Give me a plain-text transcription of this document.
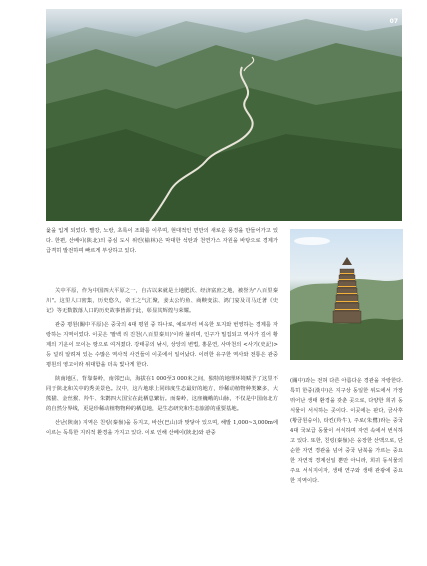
07

윷을 입게 되었다. 빨강, 노랑, 초록이 조화를 이루며, 현대적인 면만의 새로운 풍경을 만들어가고 있다. 한편, 산베이(陕北)의 중심 도시 위린(榆林)은 막대한 석탄과 천연가스 자원을 바탕으로 경제가 급격히 발전하며 빠르게 부상하고 있다.

关中平原，作为中国四大平原之一，自古以来就是土地肥沃、经济富庶之地，被誉为"八百里秦川"。这里人口密集，历史悠久，帝王之气汇聚，姜太公钓鱼、商鞅变法、鸿门宴及司马迁著《史记》等无数散落人口的历史故事皆源于此，彰显其辉煌与荣耀。

관중 평원(關中平原)은 중국의 4대 평원 중 하나로, 예로부터 비옥한 토지와 번영하는 경제를 자랑하는 지역이었다. 이곳은 '팔백 리 진천(八百里秦川)'이라 불리며, 인구가 밀집되고 역사가 깊어 황제의 기운이 모이는 땅으로 여겨졌다. 강태공의 낚시, 상앙의 변법, 홍문연, 사마천의 <사기(史記)> 등 널리 알려져 있는 수많은 역사적 사건들이 이곳에서 일어났다. 이러한 유구한 역사와 전통은 관중 평원의 영고이라 위대함을 더욱 빛나게 한다.

陕南地区，背靠秦岭，南邻巴山，海拔在1 000至3 000米之间，独特的地理环境赋予了这里不同于陕北和关中的秀美景色。汉中，这片地球上同纬度生态最好的地方，珍稀动植物种类繁多，大熊猫、金丝猴、羚牛、朱鹮四大国宝在此栖息繁衍。而秦岭，这座巍峨的山脉，不仅是中国南北方的自然分界线，更是珍稀动植物物种的栖息地，是生态研究和生态旅游的重要基地。

산난(陝南) 지역은 친링(秦嶺)을 등지고, 바산(巴山)과 맞닿아 있으며, 해발 1,000~3,000m에 이르는 독특한 지리적 환경을 가지고 있다. 이로 인해 산베이(陝北)와 관중

(關中)과는 전혀 다른 아름다운 경관을 자랑한다. 특히 한중(漢中)은 지구상 동일한 위도에서 가장 뛰어난 생태 환경을 갖춘 곳으로, 다양한 희귀 동식물이 서식하는 곳이다. 이곳에는 판다, 금사후(황금원숭이), 타킨(羚牛), 주로(朱鷺)라는 중국 4대 국보급 동물이 서식하며 자연 속에서 번식하고 있다. 또한, 친링(秦嶺)은 웅장한 산맥으로, 단순한 자연 경관을 넘어 중국 남북을 가르는 중요한 자연적 경계선일 뿐만 아니라, 희귀 동식물의 주요 서식지이자, 생태 연구와 생태 관광에 중요한 지역이다.
